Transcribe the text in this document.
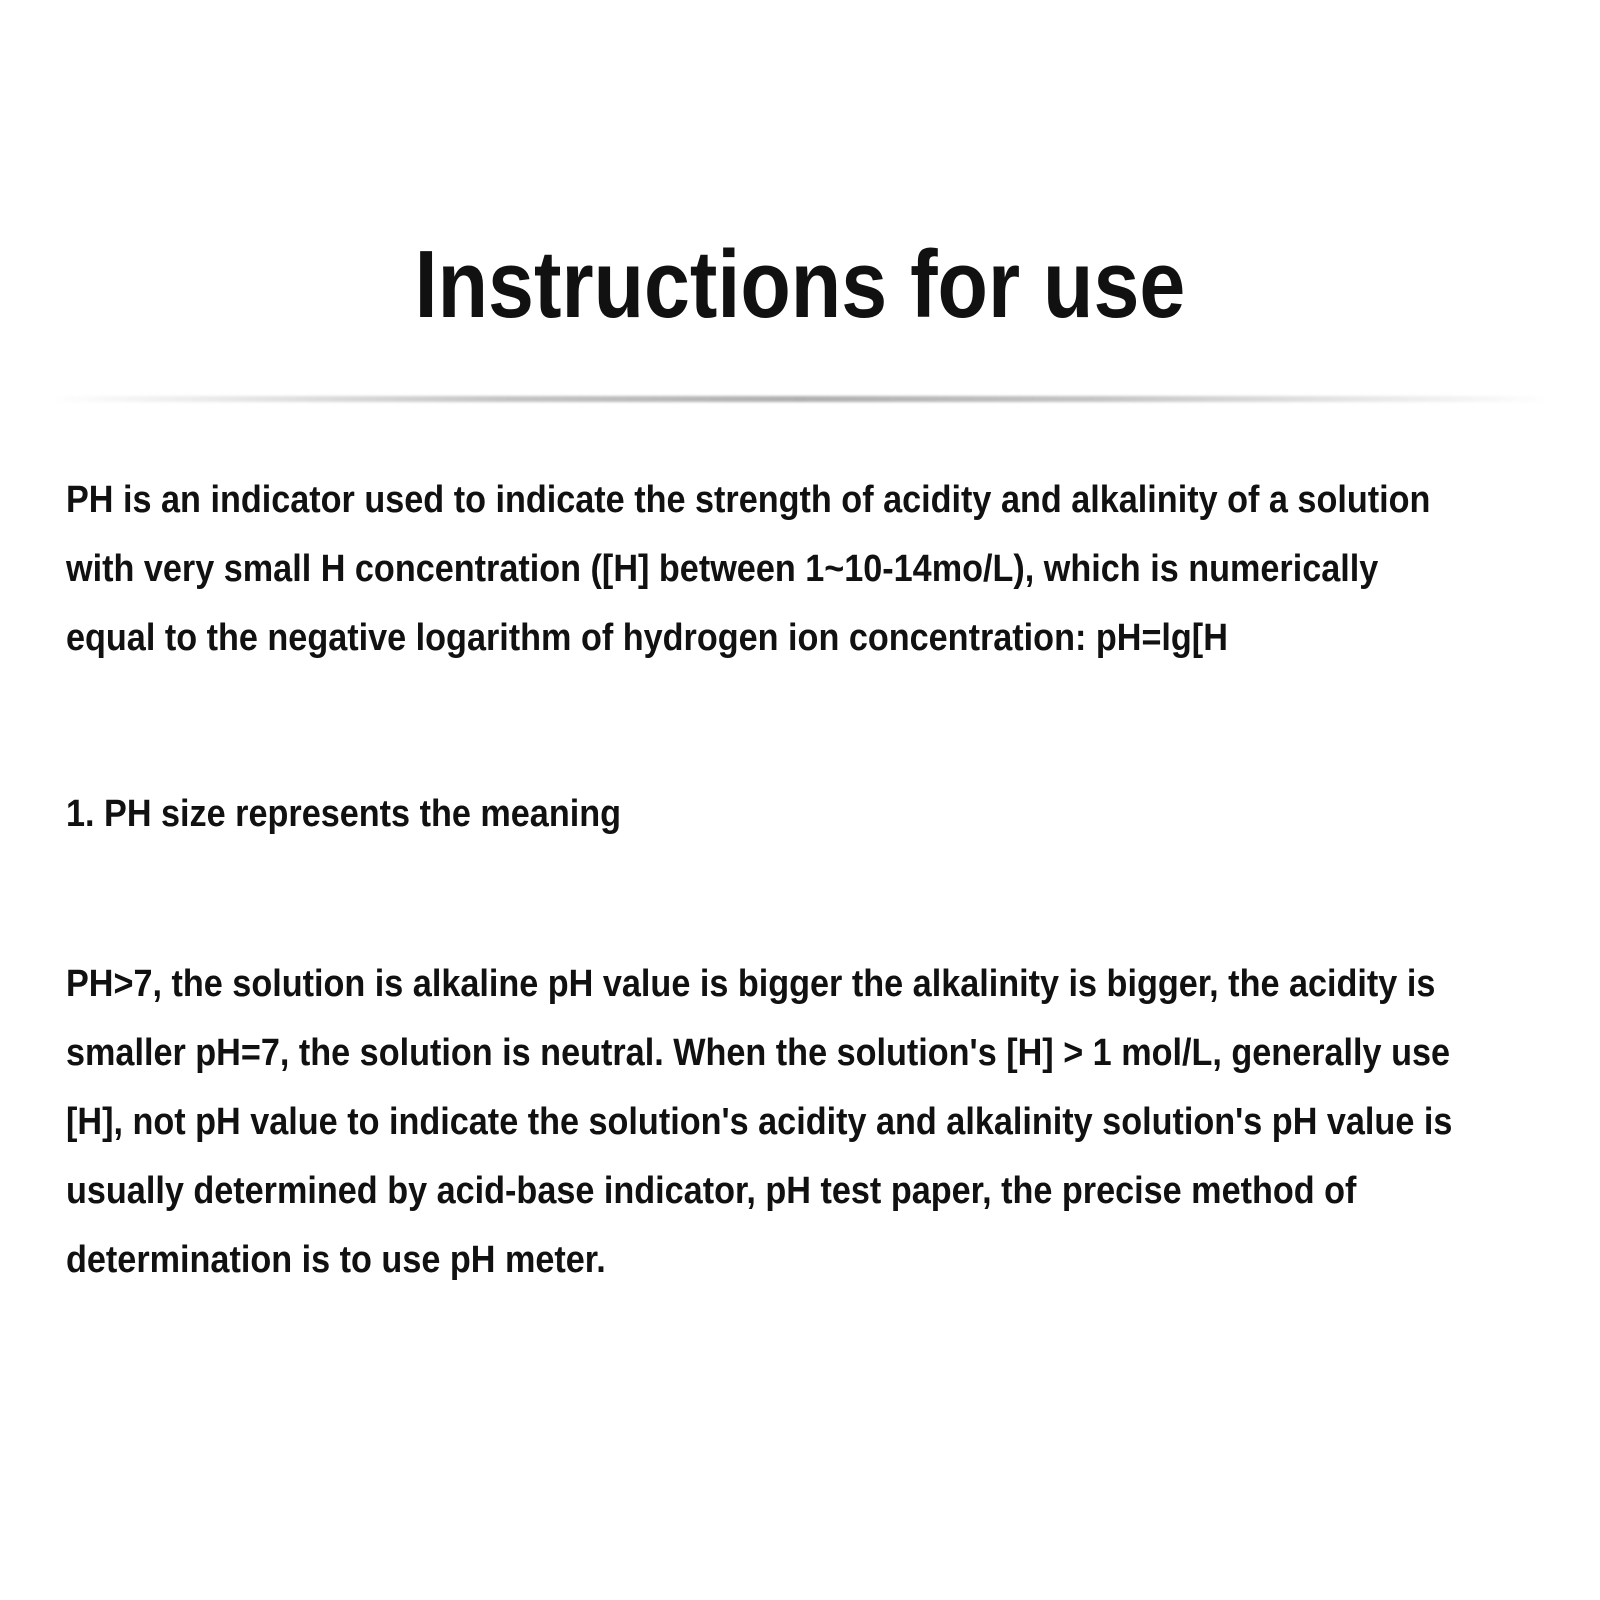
Instructions for use

PH is an indicator used to indicate the strength of acidity and alkalinity of a solution
with very small H concentration ([H] between 1~10-14mo/L), which is numerically
equal to the negative logarithm of hydrogen ion concentration: pH=lg[H

1. PH size represents the meaning

PH>7, the solution is alkaline pH value is bigger the alkalinity is bigger, the acidity is
smaller pH=7, the solution is neutral. When the solution's [H] > 1 mol/L, generally use
[H], not pH value to indicate the solution's acidity and alkalinity solution's pH value is
usually determined by acid-base indicator, pH test paper, the precise method of
determination is to use pH meter.
